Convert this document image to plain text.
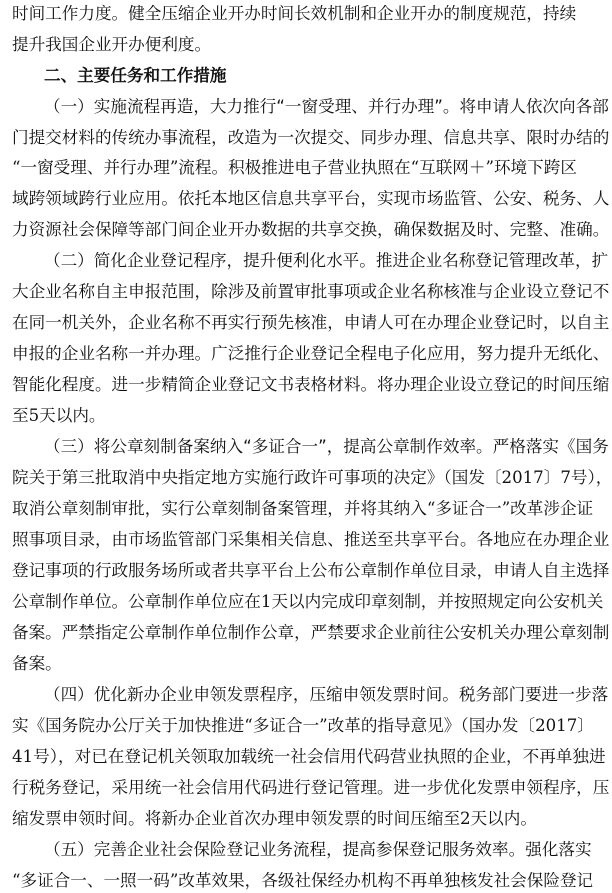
时间工作力度。健全压缩企业开办时间长效机制和企业开办的制度规范，持续
提升我国企业开办便利度。
二、主要任务和工作措施
（一）实施流程再造，大力推行“一窗受理、并行办理”。将申请人依次向各部
门提交材料的传统办事流程，改造为一次提交、同步办理、信息共享、限时办结的
“一窗受理、并行办理”流程。积极推进电子营业执照在“互联网＋”环境下跨区
域跨领域跨行业应用。依托本地区信息共享平台，实现市场监管、公安、税务、人
力资源社会保障等部门间企业开办数据的共享交换，确保数据及时、完整、准确。
（二）简化企业登记程序，提升便利化水平。推进企业名称登记管理改革，扩
大企业名称自主申报范围，除涉及前置审批事项或企业名称核准与企业设立登记不
在同一机关外，企业名称不再实行预先核准，申请人可在办理企业登记时，以自主
申报的企业名称一并办理。广泛推行企业登记全程电子化应用，努力提升无纸化、
智能化程度。进一步精简企业登记文书表格材料。将办理企业设立登记的时间压缩
至5天以内。
（三）将公章刻制备案纳入“多证合一”，提高公章制作效率。严格落实《国务
院关于第三批取消中央指定地方实施行政许可事项的决定》（国发〔2017〕7号），
取消公章刻制审批，实行公章刻制备案管理，并将其纳入“多证合一”改革涉企证
照事项目录，由市场监管部门采集相关信息、推送至共享平台。各地应在办理企业
登记事项的行政服务场所或者共享平台上公布公章制作单位目录，申请人自主选择
公章制作单位。公章制作单位应在1天以内完成印章刻制，并按照规定向公安机关
备案。严禁指定公章制作单位制作公章，严禁要求企业前往公安机关办理公章刻制
备案。
（四）优化新办企业申领发票程序，压缩申领发票时间。税务部门要进一步落
实《国务院办公厅关于加快推进“多证合一”改革的指导意见》（国办发〔2017〕
41号），对已在登记机关领取加载统一社会信用代码营业执照的企业，不再单独进
行税务登记，采用统一社会信用代码进行登记管理。进一步优化发票申领程序，压
缩发票申领时间。将新办企业首次办理申领发票的时间压缩至2天以内。
（五）完善企业社会保险登记业务流程，提高参保登记服务效率。强化落实
“多证合一、一照一码”改革效果，各级社保经办机构不再单独核发社会保险登记
